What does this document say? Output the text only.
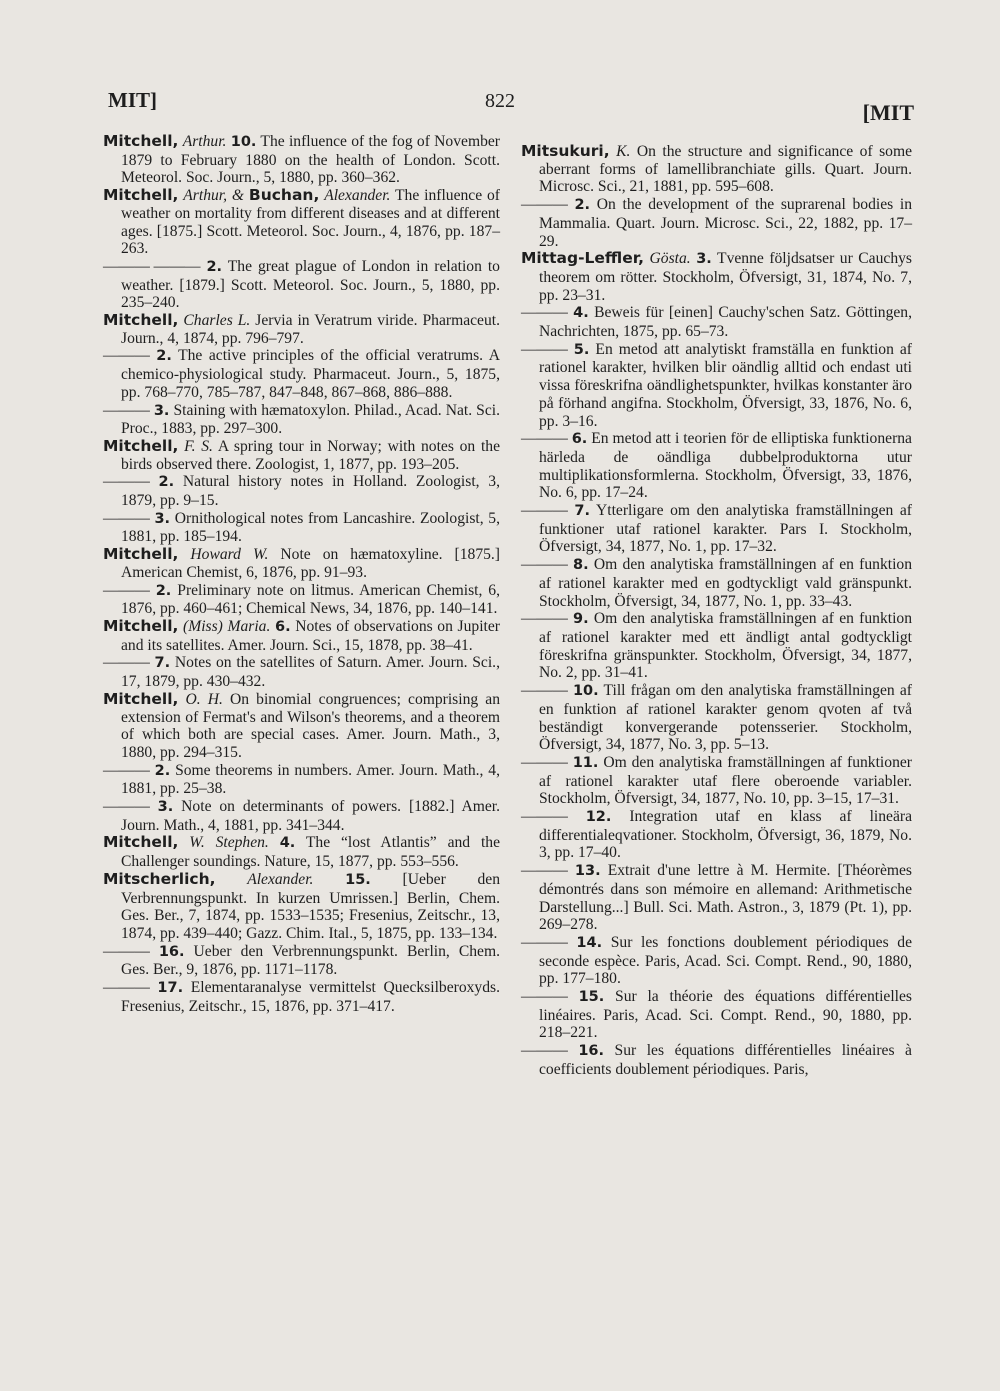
MIT]	822	[MIT

Mitchell, Arthur. 10. The influence of the fog of November 1879 to February 1880 on the health of London. Scott. Meteorol. Soc. Journ., 5, 1880, pp. 360–362.

Mitchell, Arthur, & Buchan, Alexander. The influence of weather on mortality from different diseases and at different ages. [1875.] Scott. Meteorol. Soc. Journ., 4, 1876, pp. 187–263.

——— ——— 2. The great plague of London in relation to weather. [1879.] Scott. Meteorol. Soc. Journ., 5, 1880, pp. 235–240.

Mitchell, Charles L. Jervia in Veratrum viride. Pharmaceut. Journ., 4, 1874, pp. 796–797.

——— 2. The active principles of the official veratrums. A chemico-physiological study. Pharmaceut. Journ., 5, 1875, pp. 768–770, 785–787, 847–848, 867–868, 886–888.

——— 3. Staining with hæmatoxylon. Philad., Acad. Nat. Sci. Proc., 1883, pp. 297–300.

Mitchell, F. S. A spring tour in Norway; with notes on the birds observed there. Zoologist, 1, 1877, pp. 193–205.

——— 2. Natural history notes in Holland. Zoologist, 3, 1879, pp. 9–15.

——— 3. Ornithological notes from Lancashire. Zoologist, 5, 1881, pp. 185–194.

Mitchell, Howard W. Note on hæmatoxyline. [1875.] American Chemist, 6, 1876, pp. 91–93.

——— 2. Preliminary note on litmus. American Chemist, 6, 1876, pp. 460–461; Chemical News, 34, 1876, pp. 140–141.

Mitchell, (Miss) Maria. 6. Notes of observations on Jupiter and its satellites. Amer. Journ. Sci., 15, 1878, pp. 38–41.

——— 7. Notes on the satellites of Saturn. Amer. Journ. Sci., 17, 1879, pp. 430–432.

Mitchell, O. H. On binomial congruences; comprising an extension of Fermat's and Wilson's theorems, and a theorem of which both are special cases. Amer. Journ. Math., 3, 1880, pp. 294–315.

——— 2. Some theorems in numbers. Amer. Journ. Math., 4, 1881, pp. 25–38.

——— 3. Note on determinants of powers. [1882.] Amer. Journ. Math., 4, 1881, pp. 341–344.

Mitchell, W. Stephen. 4. The “lost Atlantis” and the Challenger soundings. Nature, 15, 1877, pp. 553–556.

Mitscherlich, Alexander. 15. [Ueber den Verbrennungspunkt. In kurzen Umrissen.] Berlin, Chem. Ges. Ber., 7, 1874, pp. 1533–1535; Fresenius, Zeitschr., 13, 1874, pp. 439–440; Gazz. Chim. Ital., 5, 1875, pp. 133–134.

——— 16. Ueber den Verbrennungspunkt. Berlin, Chem. Ges. Ber., 9, 1876, pp. 1171–1178.

——— 17. Elementaranalyse vermittelst Quecksilberoxyds. Fresenius, Zeitschr., 15, 1876, pp. 371–417.

Mitsukuri, K. On the structure and significance of some aberrant forms of lamellibranchiate gills. Quart. Journ. Microsc. Sci., 21, 1881, pp. 595–608.

——— 2. On the development of the suprarenal bodies in Mammalia. Quart. Journ. Microsc. Sci., 22, 1882, pp. 17–29.

Mittag-Leffler, Gösta. 3. Tvenne följdsatser ur Cauchys theorem om rötter. Stockholm, Öfversigt, 31, 1874, No. 7, pp. 23–31.

——— 4. Beweis für [einen] Cauchy'schen Satz. Göttingen, Nachrichten, 1875, pp. 65–73.

——— 5. En metod att analytiskt framställa en funktion af rationel karakter, hvilken blir oändlig alltid och endast uti vissa föreskrifna oändlighetspunkter, hvilkas konstanter äro på förhand angifna. Stockholm, Öfversigt, 33, 1876, No. 6, pp. 3–16.

——— 6. En metod att i teorien för de elliptiska funktionerna härleda de oändliga dubbelproduktorna utur multiplikationsformlerna. Stockholm, Öfversigt, 33, 1876, No. 6, pp. 17–24.

——— 7. Ytterligare om den analytiska framställningen af funktioner utaf rationel karakter. Pars I. Stockholm, Öfversigt, 34, 1877, No. 1, pp. 17–32.

——— 8. Om den analytiska framställningen af en funktion af rationel karakter med en godtyckligt vald gränspunkt. Stockholm, Öfversigt, 34, 1877, No. 1, pp. 33–43.

——— 9. Om den analytiska framställningen af en funktion af rationel karakter med ett ändligt antal godtyckligt föreskrifna gränspunkter. Stockholm, Öfversigt, 34, 1877, No. 2, pp. 31–41.

——— 10. Till frågan om den analytiska framställningen af en funktion af rationel karakter genom qvoten af två beständigt konvergerande potensserier. Stockholm, Öfversigt, 34, 1877, No. 3, pp. 5–13.

——— 11. Om den analytiska framställningen af funktioner af rationel karakter utaf flere oberoende variabler. Stockholm, Öfversigt, 34, 1877, No. 10, pp. 3–15, 17–31.

——— 12. Integration utaf en klass af lineära differentialeqvationer. Stockholm, Öfversigt, 36, 1879, No. 3, pp. 17–40.

——— 13. Extrait d'une lettre à M. Hermite. [Théorèmes démontrés dans son mémoire en allemand: Arithmetische Darstellung...] Bull. Sci. Math. Astron., 3, 1879 (Pt. 1), pp. 269–278.

——— 14. Sur les fonctions doublement périodiques de seconde espèce. Paris, Acad. Sci. Compt. Rend., 90, 1880, pp. 177–180.

——— 15. Sur la théorie des équations différentielles linéaires. Paris, Acad. Sci. Compt. Rend., 90, 1880, pp. 218–221.

——— 16. Sur les équations différentielles linéaires à coefficients doublement périodiques. Paris,
